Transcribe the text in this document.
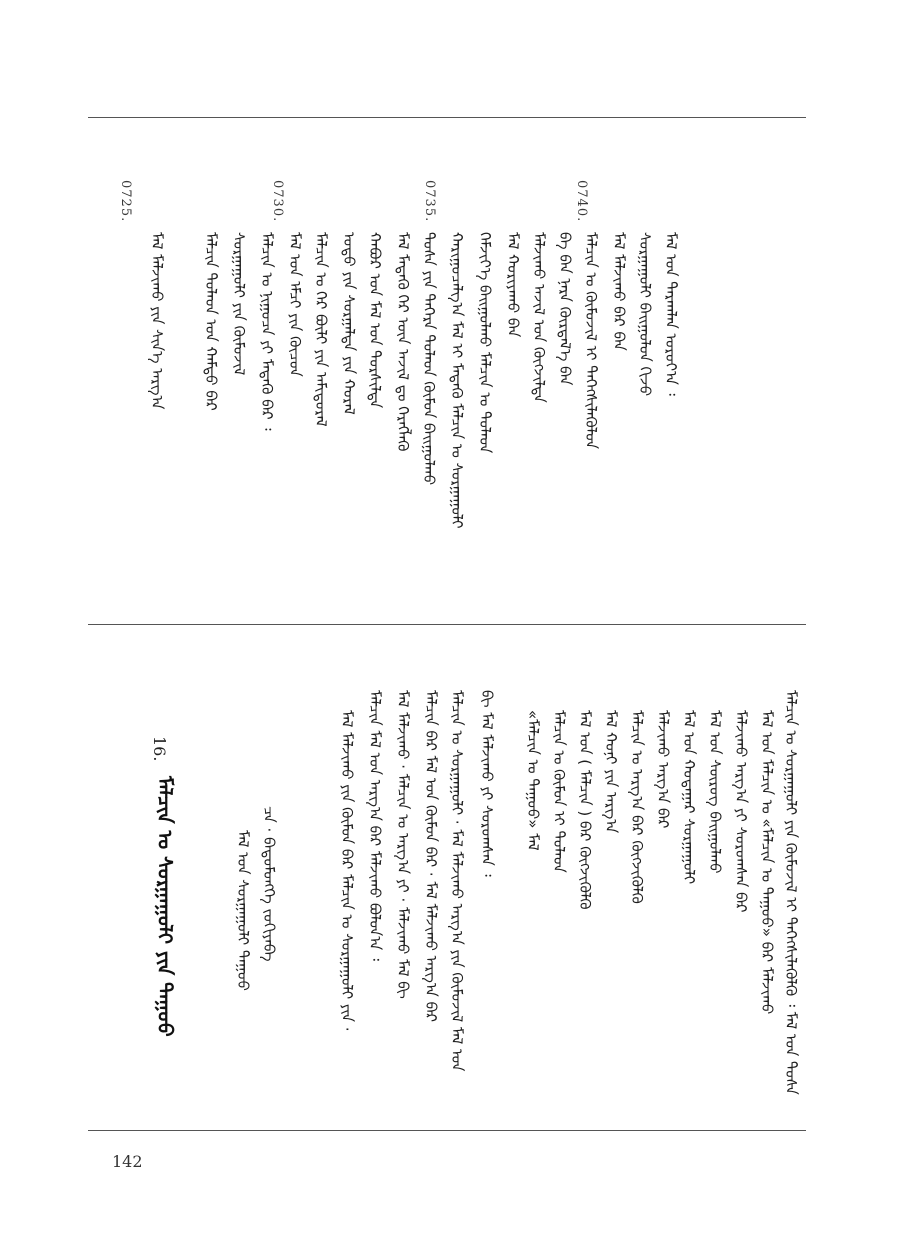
ᠮᠠᠯ ᠤᠨ ᠲᠠᠷᠬᠠᠯᠠᠨ ᠣᠷᠤᠶ᠎ᠠ ᠄
ᠰᠤᠷᠭᠠᠭᠤᠯᠢ ᠪᠠᠢᠭᠤᠯᠤᠨ ᠬᠢᠵᠦ
ᠮᠠᠯ ᠮᠠᠯᠵᠢᠬᠤ ᠪᠡᠷ ᠪᠠᠨ
0740.
ᠮᠠᠯᠴᠢᠨ ᠤ ᠬᠦᠮᠦᠵᠢᠯ ᠢ ᠳᠡᠭᠡᠭᠰᠢᠯᠡᠭᠦᠯᠦᠨ
ᠪᠠ ᠪᠠᠨ ᠨᠡᠷᠡ ᠬᠦᠷᠲᠡᠯ᠎ᠡ ᠪᠠᠨ
ᠮᠠᠯᠵᠢᠬᠤ ᠠᠵᠢᠯ ᠤᠨ ᠬᠥᠭᠵᠢᠯᠲᠡ
ᠮᠠᠯ ᠬᠤᠷᠢᠶᠠᠬᠤ ᠪᠠᠨ
ᠬᠡᠮᠵᠢᠶ᠎ᠡ ᠪᠠᠢᠭᠤᠯᠬᠤ ᠮᠠᠯᠴᠢᠨ ᠤ ᠲᠤᠯᠠᠳ
0735.
ᠬᠠᠷᠢᠭᠤᠴᠠᠯᠭ᠎ᠠ ᠮᠠᠯ ᠢ ᠮᠡᠳᠡᠬᠦ ᠮᠠᠯᠴᠢᠨ ᠤ ᠰᠤᠷᠭᠠᠭᠤᠯᠢ
ᠲᠤᠰᠠ ᠶᠢᠨ ᠳᠡᠭᠡᠷᠡ ᠲᠤᠯᠠᠳ ᠬᠦᠮᠦᠨ ᠪᠠᠢᠭᠤᠯᠬᠤ
ᠮᠠᠯ ᠮᠡᠳᠡᠬᠦ ᠭᠡᠷ ᠦᠨ ᠠᠵᠢᠯ ᠳᠤ ᠬᠡᠷᠡᠭᠯᠡᠬᠦ
ᠬᠠᠪᠤᠷ ᠤᠨ ᠮᠠᠯ ᠤᠨ ᠲᠤᠷᠰᠢᠯᠲᠠ
ᠣᠳᠣ ᠶᠢᠨ ᠰᠤᠷᠭᠠᠯᠲᠠ ᠶᠢᠨ ᠬᠤᠷᠠᠯ
ᠮᠠᠯᠴᠢᠨ ᠤ ᠭᠡᠷ ᠪᠦᠯᠢ ᠶᠢᠨ ᠠᠮᠢᠳᠤᠷᠠᠯ
0730.
ᠮᠠᠯ ᠤᠨ ᠡᠮᠴᠢ ᠶᠢᠨ ᠬᠦᠴᠦᠨ
ᠮᠠᠯᠴᠢᠨ ᠤ ᠨᠢᠭᠤᠴᠠ ᠶᠢ ᠮᠡᠳᠡᠬᠦ ᠪᠡᠷ ᠄
ᠰᠤᠷᠭᠠᠭᠤᠯᠢ ᠶᠢᠨ ᠬᠦᠮᠦᠵᠢᠯ
ᠮᠠᠯᠴᠢᠨ ᠲᠤᠯᠠᠳ ᠤᠨ ᠬᠠᠮᠲᠤ ᠪᠡᠷ
0725.
ᠮᠠᠯ ᠮᠠᠯᠵᠢᠬᠤ ᠶᠢᠨ ᠰᠢᠨ᠎ᠡ ᠠᠷᠭ᠎ᠠ
ᠮᠠᠯᠴᠢᠨ ᠤ ᠰᠤᠷᠭᠠᠭᠤᠯᠢ ᠶᠢᠨ ᠬᠦᠮᠦᠵᠢᠯ ᠢ ᠳᠡᠭᠡᠭᠰᠢᠯᠡᠭᠦᠯᠬᠦ ᠄ ᠮᠠᠯ ᠤᠨ ᠲᠤᠰᠠ
ᠮᠠᠯ ᠤᠨ ᠮᠠᠯᠴᠢᠨ ᠤ «ᠮᠠᠯᠴᠢᠨ ᠤ ᠳᠠᠭᠤᠤ» ᠪᠡᠷ ᠮᠠᠯᠵᠢᠬᠤ
ᠮᠠᠯᠵᠢᠬᠤ ᠠᠷᠭ᠎ᠠ ᠶᠢ ᠰᠤᠷᠤᠭᠰᠠᠨ ᠪᠠᠷ
ᠮᠠᠯ ᠤᠨ ᠰᠦᠷᠦᠭ ᠪᠠᠢᠭᠤᠯᠬᠤ
ᠮᠠᠯ ᠤᠨ ᠬᠤᠲᠠᠭᠠᠷ ᠰᠤᠷᠭᠠᠭᠤᠯᠢ
ᠮᠠᠯᠵᠢᠬᠤ ᠠᠷᠭ᠎ᠠ ᠪᠡᠷ
ᠮᠠᠯᠴᠢᠨ ᠤ ᠠᠷᠭ᠎ᠠ ᠪᠡᠷ ᠬᠥᠭᠵᠢᠭᠦᠯᠬᠦ
ᠮᠠᠯ ᠬᠣᠨᠢ ᠶᠢᠨ ᠠᠷᠭ᠎ᠠ
ᠮᠠᠯ ᠤᠨ ( ᠮᠠᠯᠴᠢᠨ ) ᠪᠡᠷ ᠬᠥᠭᠵᠢᠭᠦᠯᠬᠦ
ᠮᠠᠯᠴᠢᠨ ᠤ ᠬᠦᠮᠦᠨ ᠢ ᠲᠤᠯᠠᠳ
«ᠮᠠᠯᠴᠢᠨ ᠤ ᠳᠠᠭᠤᠤ» ᠮᠠᠯ
ᠪᠢ ᠮᠠᠯ ᠮᠠᠯᠵᠢᠬᠤ ᠶᠢ ᠰᠤᠷᠤᠭᠰᠠᠨ ᠄
ᠮᠠᠯᠴᠢᠨ ᠤ ᠰᠤᠷᠭᠠᠭᠤᠯᠢ · ᠮᠠᠯ ᠮᠠᠯᠵᠢᠬᠤ ᠠᠷᠭ᠎ᠠ ᠶᠢᠨ ᠬᠦᠮᠦᠵᠢᠯ ᠮᠠᠯ ᠤᠨ
ᠮᠠᠯᠴᠢᠨ ᠪᠠᠷ ᠮᠠᠯ ᠤᠨ ᠬᠦᠮᠦᠨ ᠪᠡᠷ · ᠮᠠᠯ ᠮᠠᠯᠵᠢᠬᠤ ᠠᠷᠭ᠎ᠠ ᠪᠡᠷ
ᠮᠠᠯ ᠮᠠᠯᠵᠢᠬᠤ · ᠮᠠᠯᠴᠢᠨ ᠤ ᠠᠷᠭ᠎ᠠ ᠶᠢ · ᠮᠠᠯᠵᠢᠬᠤ ᠮᠠᠯ ᠪᠢ
ᠮᠠᠯᠴᠢᠨ ᠮᠠᠯ ᠤᠨ ᠠᠷᠭ᠎ᠠ ᠪᠡᠷ ᠮᠠᠯᠵᠢᠬᠤ ᠪᠣᠯᠤᠨ᠎ᠠ ᠄
ᠮᠠᠯ ᠮᠠᠯᠵᠢᠬᠤ ᠶᠢᠨ ᠬᠦᠮᠦᠨ ᠪᠡᠷ ᠮᠠᠯᠴᠢᠨ ᠤ ᠰᠤᠷᠭᠠᠭᠤᠯᠢ ᠶᠢᠨ ·
ᠴᠡ · ᠪᠠᠲᠤᠮᠥᠩᠬᠡ ᠵᠣᠬᠢᠶᠠᠪᠠ
ᠮᠠᠯ ᠤᠨ ᠰᠤᠷᠭᠠᠭᠤᠯᠢ ᠳᠠᠭᠤᠤ
16.
ᠮᠠᠯᠴᠢᠨ ᠤ ᠰᠤᠷᠭᠠᠭᠤᠯᠢ ᠶᠢᠨ ᠳᠠᠭᠤᠤ
142
